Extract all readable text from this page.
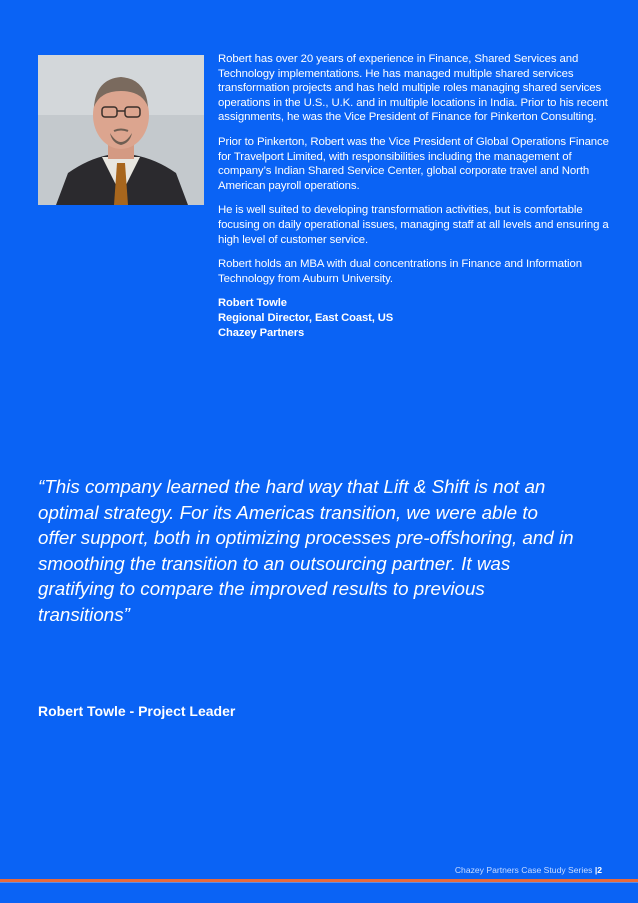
Robert has over 20 years of experience in Finance, Shared Services and Technology implementations. He has managed multiple shared services transformation projects and has held multiple roles managing shared services operations in the U.S., U.K. and in multiple locations in India. Prior to his recent assignments, he was the Vice President of Finance for Pinkerton Consulting.

Prior to Pinkerton, Robert was the Vice President of Global Operations Finance for Travelport Limited, with responsibilities including the management of company’s Indian Shared Service Center, global corporate travel and North American payroll operations.

He is well suited to developing transformation activities, but is comfortable focusing on daily operational issues, managing staff at all levels and ensuring a high level of customer service.

Robert holds an MBA with dual concentrations in Finance and Information Technology from Auburn University.

Robert Towle
Regional Director, East Coast, US
Chazey Partners
“This company learned the hard way that Lift & Shift is not an optimal strategy. For its Americas transition, we were able to offer support, both in optimizing processes pre-offshoring, and in smoothing the transition to an outsourcing partner. It was gratifying to compare the improved results to previous transitions”
Robert Towle - Project Leader
Chazey Partners Case Study Series |2
